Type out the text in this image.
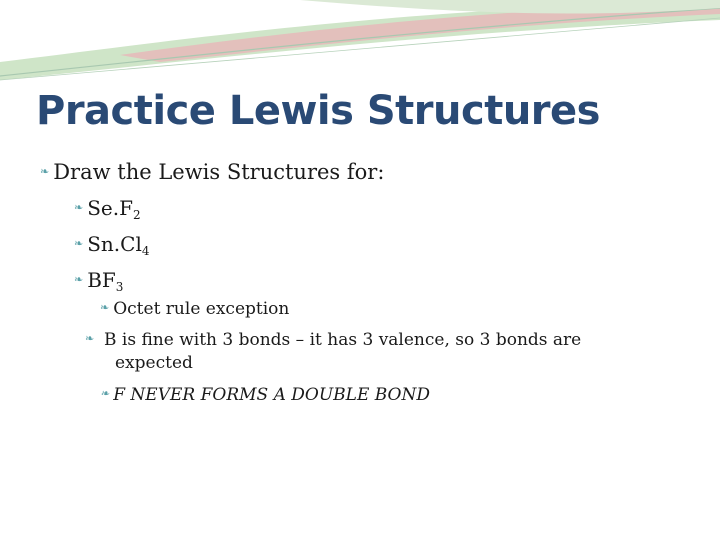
Practice Lewis Structures
❧ Draw the Lewis Structures for:
❧ $Se.F_2$
❧ $Sn.Cl_4$
❧ $BF_3$
❧ Octet rule exception
❧ B is fine with 3 bonds – it has 3 valence, so 3 bonds are expected
❧ F NEVER FORMS A DOUBLE BOND
